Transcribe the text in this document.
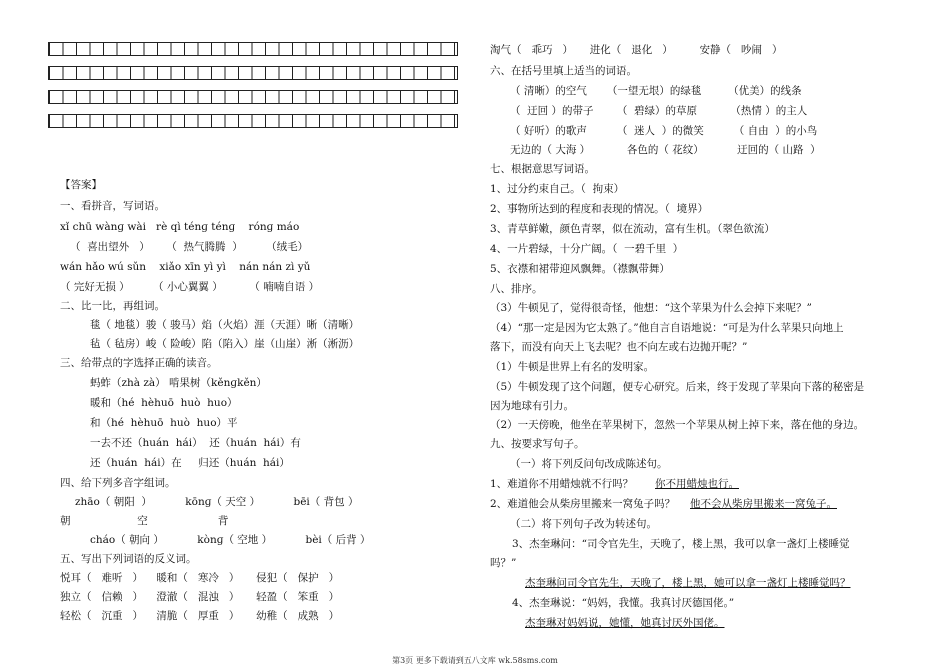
【答案】
一、看拼音，写词语。
xǐ chū wànɡ wài   rè qì ténɡ ténɡ    rónɡ máo
（  喜出望外   ）     （  热气腾腾  ）       （绒毛）
wán hǎo wú sǔn    xiǎo xīn yì yì    nán nán zì yǔ
（ 完好无损 ）       （ 小心翼翼 ）        （ 喃喃自语 ）
二、比一比，再组词。
毯（ 地毯）骏（ 骏马）焰（火焰）涯（天涯）晰（清晰）
毡（ 毡房）峻（ 险峻）陷（陷入）崖（山崖）淅（淅沥）
三、给带点的字选择正确的读音。
蚂蚱（zhà zà） 啃果树（kěnɡkěn）
暖和（hé  hèhuō  huò  huo）
和（hé  hèhuō  huò  huo）平
一去不还（huán  hái）  还（huán  hái）有
还（huán  hái）在     归还（huán  hái）
四、给下列多音字组词。
zhāo（ 朝阳  ）          kōnɡ（ 天空 ）          bēi（ 背包 ）
朝                    空                     背
cháo（ 朝向 ）          kònɡ（ 空地 ）          bèi（ 后背 ）
五、写出下列词语的反义词。
悦耳（   难听   ）    暖和（   寒冷   ）     侵犯（   保护   ）
独立（   信赖   ）    澄澈（   混浊   ）     轻盈（   笨重   ）
轻松（   沉重   ）    清脆（   厚重   ）     幼稚（   成熟   ）
淘气（   乖巧   ）     进化（   退化   ）        安静（   吵闹   ）
六、在括号里填上适当的词语。
（ 清晰）的空气      （一望无垠）的绿毯        （优美）的线条
（  迂回 ）的带子       （  碧绿）的草原          （热情 ）的主人
（ 好听）的歌声         （  迷人  ）的微笑         （ 自由  ）的小鸟
无边的（ 大海 ）           各色的（ 花纹）          迂回的（ 山路  ）
七、根据意思写词语。
1、过分约束自己。（  拘束）
2、事物所达到的程度和表现的情况。（  境界）
3、青草鲜嫩，颜色青翠，似在流动，富有生机。（翠色欲流）
4、一片碧绿，十分广阔。（  一碧千里  ）
5、衣襟和裙带迎风飘舞。（襟飘带舞）
八、排序。
（3）牛顿见了，觉得很奇怪，他想：“这个苹果为什么会掉下来呢？”
（4）“那一定是因为它太熟了。”他自言自语地说：“可是为什么苹果只向地上
落下，而没有向天上飞去呢？也不向左或右边抛开呢？”
（1）牛顿是世界上有名的发明家。
（5）牛顿发现了这个问题，便专心研究。后来，终于发现了苹果向下落的秘密是
因为地球有引力。
（2）一天傍晚，他坐在苹果树下，忽然一个苹果从树上掉下来，落在他的身边。
九、按要求写句子。
（一）将下列反问句改成陈述句。
1、难道你不用蜡烛就不行吗？ 你不用蜡烛也行。
2、难道他会从柴房里搬来一窝兔子吗？ 他不会从柴房里搬来一窝兔子。
（二）将下列句子改为转述句。
3、杰奎琳问：“司令官先生，天晚了，楼上黑，我可以拿一盏灯上楼睡觉
吗？”
杰奎琳问司令官先生，天晚了，楼上黑，她可以拿一盏灯上楼睡觉吗？
4、杰奎琳说：“妈妈，我懂。我真讨厌德国佬。”
杰奎琳对妈妈说，她懂，她真讨厌外国佬。
第3页 更多下载请到五八文库 wk.58sms.com
